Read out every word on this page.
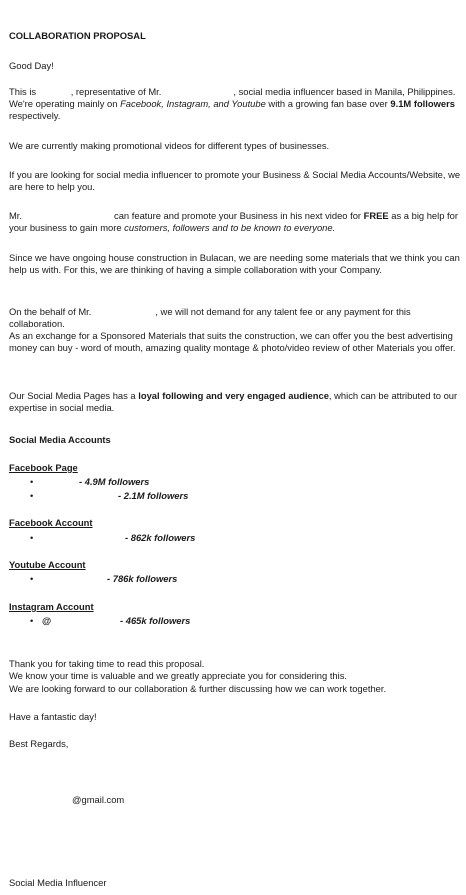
COLLABORATION PROPOSAL

Good Day!

This is	, representative of Mr.	, social media influencer based in Manila, Philippines. We're operating mainly on Facebook, Instagram, and Youtube with a growing fan base over 9.1M followers respectively.

We are currently making promotional videos for different types of businesses.

If you are looking for social media influencer to promote your Business & Social Media Accounts/Website, we are here to help you.

Mr.	can feature and promote your Business in his next video for FREE as a big help for your business to gain more customers, followers and to be known to everyone.

Since we have ongoing house construction in Bulacan, we are needing some materials that we think you can help us with. For this, we are thinking of having a simple collaboration with your Company.

On the behalf of Mr.	, we will not demand for any talent fee or any payment for this collaboration.

As an exchange for a Sponsored Materials that suits the construction, we can offer you the best advertising money can buy - word of mouth, amazing quality montage & photo/video review of other Materials you offer.

Our Social Media Pages has a loyal following and very engaged audience, which can be attributed to our expertise in social media.

Social Media Accounts

Facebook Page

•	- 4.9M followers

•	- 2.1M followers

Facebook Account

•	- 862k followers

Youtube Account

•	- 786k followers

Instagram Account

• @	- 465k followers

Thank you for taking time to read this proposal.

We know your time is valuable and we greatly appreciate you for considering this.

We are looking forward to our collaboration & further discussing how we can work together.

Have a fantastic day!

Best Regards,

@gmail.com

Social Media Influencer
